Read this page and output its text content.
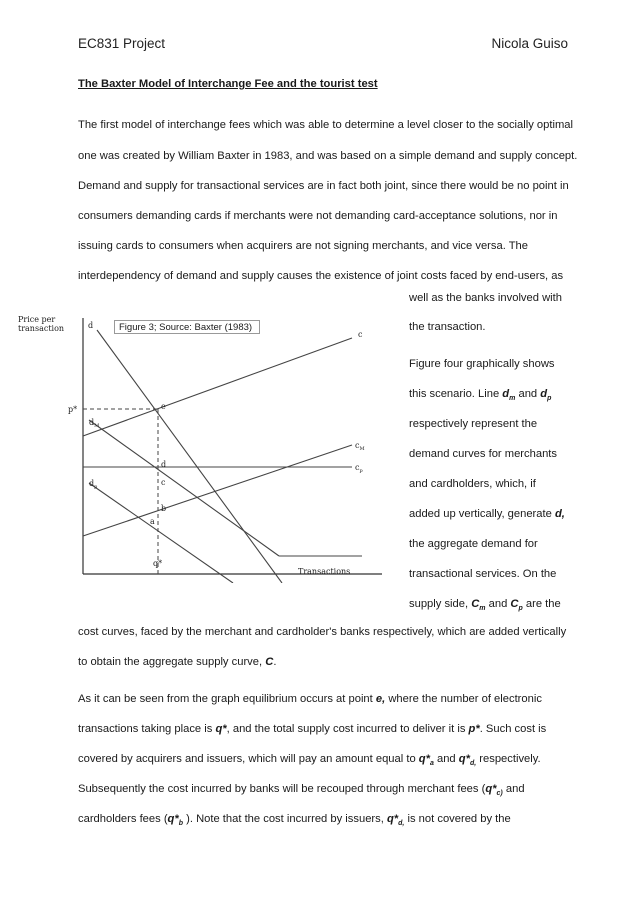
EC831 Project	Nicola Guiso
The Baxter Model of Interchange Fee and the tourist test
The first model of interchange fees which was able to determine a level closer to the socially optimal
one was created by William Baxter in 1983, and was based on a simple demand and supply concept.
Demand and supply for transactional services are in fact both joint, since there would be no point in
consumers demanding cards if merchants were not demanding card-acceptance solutions, nor in
issuing cards to consumers when acquirers are not signing merchants, and vice versa. The
interdependency of demand and supply causes the existence of joint costs faced by end-users, as
well as the banks involved with
the transaction.
Figure four graphically shows
this scenario. Line $d_m$ and $d_p$
respectively represent the
demand curves for merchants
and cardholders, which, if
added up vertically, generate d,
the aggregate demand for
transactional services. On the
supply side, $C_m$ and $C_p$ are the
cost curves, faced by the merchant and cardholder's banks respectively, which are added vertically
to obtain the aggregate supply curve, C.
As it can be seen from the graph equilibrium occurs at point e, where the number of electronic
transactions taking place is q*, and the total supply cost incurred to deliver it is p*. Such cost is
covered by acquirers and issuers, which will pay an amount equal to $q*_a$ and $q*_{d,}$ respectively.
Subsequently the cost incurred by banks will be recouped through merchant fees ($q*_{c)}$ and
cardholders fees ($q*_b$ ). Note that the cost incurred by issuers, $q*_{d,}$ is not covered by the
Price per
transaction
Transactions
d
c
p*	e
$d_M$
$c_M$
$c_p$
d
c
$d_p$
b
a
q*
Figure 3; Source: Baxter (1983)
